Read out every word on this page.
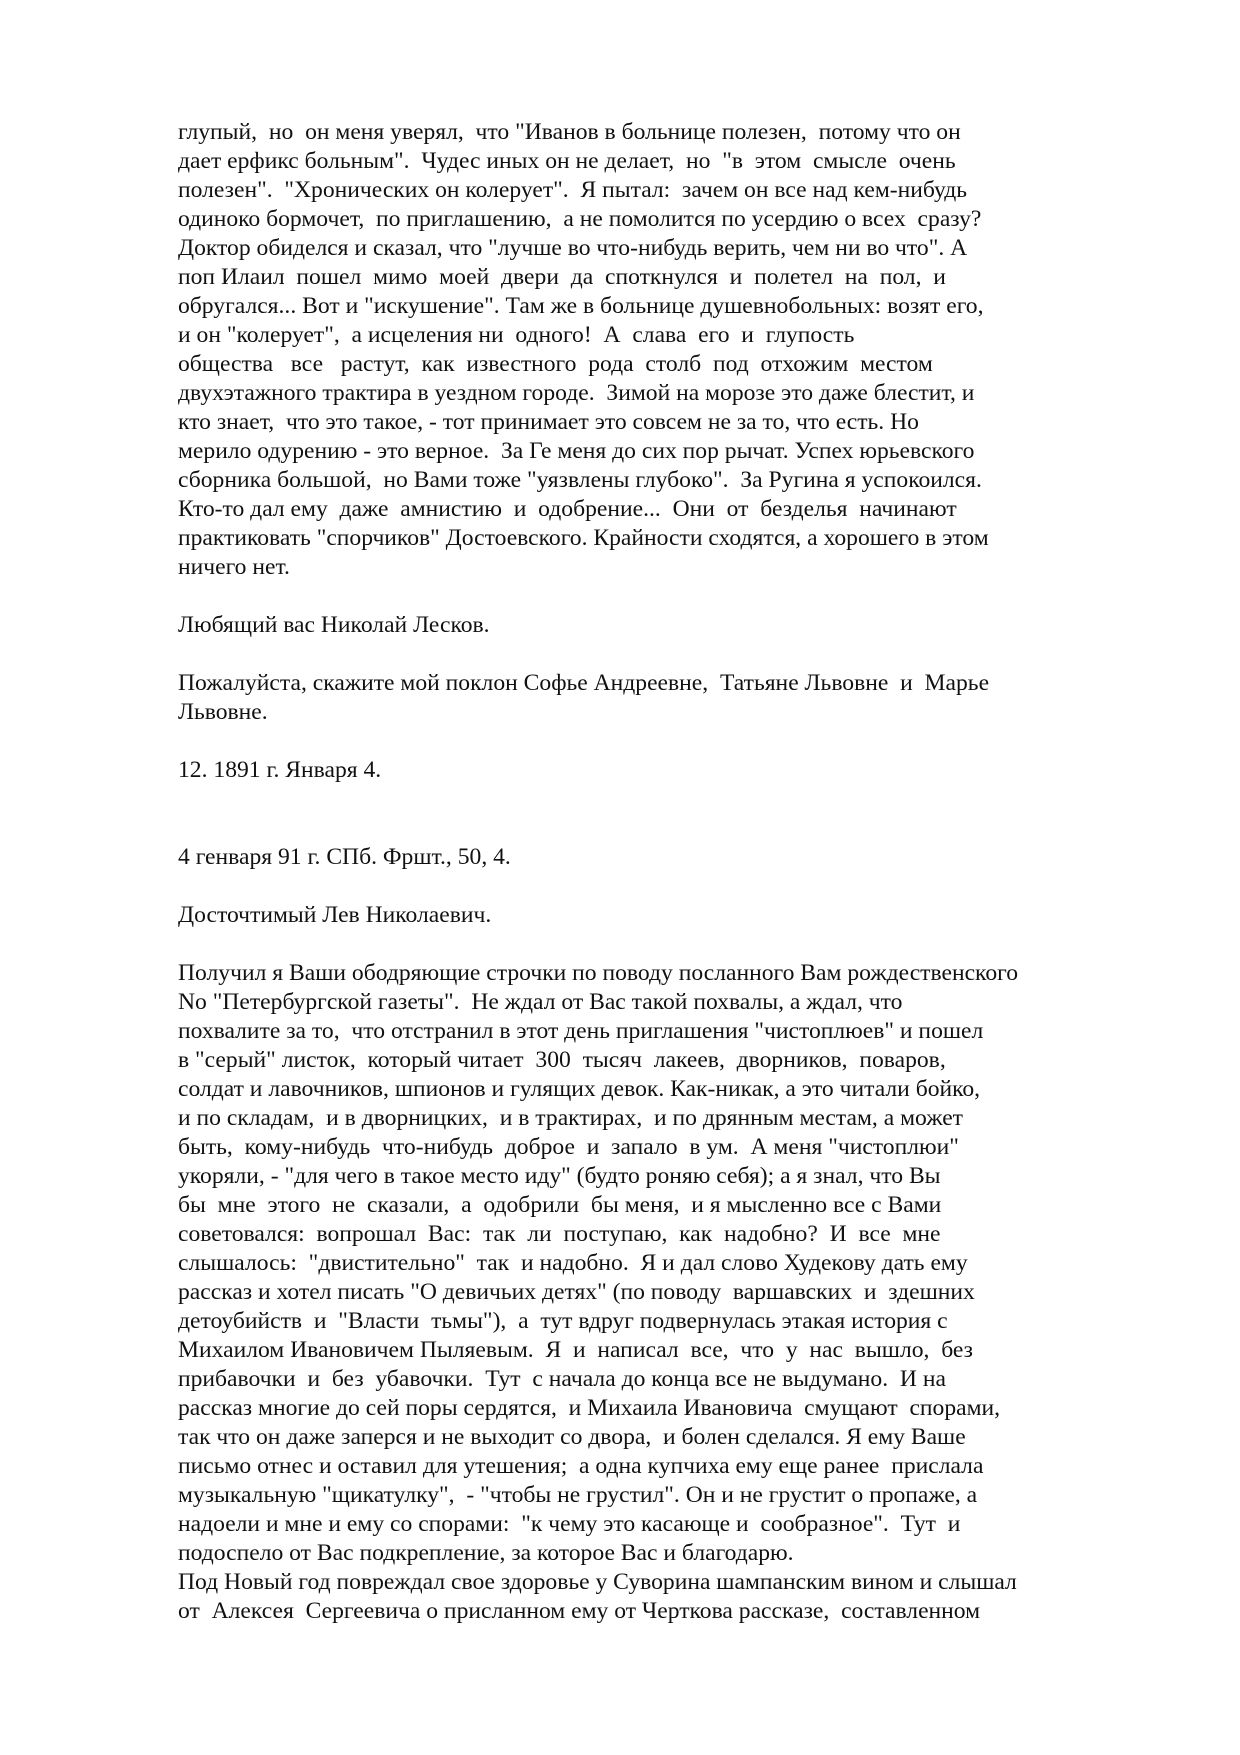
глупый,  но  он меня уверял,  что "Иванов в больнице полезен,  потому что он
дает ерфикс больным".  Чудес иных он не делает,  но  "в  этом  смысле  очень
полезен".  "Хронических он колерует".  Я пытал:  зачем он все над кем-нибудь
одиноко бормочет,  по приглашению,  а не помолится по усердию о всех  сразу?
Доктор обиделся и сказал, что "лучше во что-нибудь верить, чем ни во что". А
поп Илаил  пошел  мимо  моей  двери  да  споткнулся  и  полетел  на  пол,  и
обругался... Вот и "искушение". Там же в больнице душевнобольных: возят его,
и он "колерует",  а исцеления ни  одного!  А  слава  его  и  глупость
общества   все   растут,  как  известного  рода  столб  под  отхожим  местом
двухэтажного трактира в уездном городе.  Зимой на морозе это даже блестит, и
кто знает,  что это такое, - тот принимает это совсем не за то, что есть. Но
мерило одурению - это верное.  За Ге меня до сих пор рычат. Успех юрьевского
сборника большой,  но Вами тоже "уязвлены глубоко".  За Ругина я успокоился.
Кто-то дал ему  даже  амнистию  и  одобрение...  Они  от  безделья  начинают
практиковать "спорчиков" Достоевского. Крайности сходятся, а хорошего в этом
ничего нет.
Любящий вас Николай Лесков.
Пожалуйста, скажите мой поклон Софье Андреевне,  Татьяне Львовне  и  Марье
Львовне.
12. 1891 г. Января 4.
4 генваря 91 г. СПб. Фршт., 50, 4.
Досточтимый Лев Николаевич.
Получил я Ваши ободряющие строчки по поводу посланного Вам рождественского
No "Петербургской газеты".  Не ждал от Вас такой похвалы, а ждал, что
похвалите за то,  что отстранил в этот день приглашения "чистоплюев" и пошел
в "серый" листок,  который читает  300  тысяч  лакеев,  дворников,  поваров,
солдат и лавочников, шпионов и гулящих девок. Как-никак, а это читали бойко,
и по складам,  и в дворницких,  и в трактирах,  и по дрянным местам, а может
быть,  кому-нибудь  что-нибудь  доброе  и  запало  в ум.  А меня "чистоплюи"
укоряли, - "для чего в такое место иду" (будто роняю себя); а я знал, что Вы
бы  мне  этого  не  сказали,  а  одобрили  бы меня,  и я мысленно все с Вами
советовался:  вопрошал  Вас:  так  ли  поступаю,  как  надобно?  И  все  мне
слышалось:  "двистительно"  так  и надобно.  Я и дал слово Худекову дать ему
рассказ и хотел писать "О девичьих детях" (по поводу  варшавских  и  здешних
детоубийств  и  "Власти  тьмы"),  а  тут вдруг подвернулась этакая история с
Михаилом Ивановичем Пыляевым.  Я  и  написал  все,  что  у  нас  вышло,  без
прибавочки  и  без  убавочки.  Тут  с начала до конца все не выдумано.  И на
рассказ многие до сей поры сердятся,  и Михаила Ивановича  смущают  спорами,
так что он даже заперся и не выходит со двора,  и болен сделался. Я ему Ваше
письмо отнес и оставил для утешения;  а одна купчиха ему еще ранее  прислала
музыкальную "щикатулку",  - "чтобы не грустил". Он и не грустит о пропаже, а
надоели и мне и ему со спорами:  "к чему это касающе и  сообразное".  Тут  и
подоспело от Вас подкрепление, за которое Вас и благодарю.
Под Новый год повреждал свое здоровье у Суворина шампанским вином и слышал
от  Алексея  Сергеевича о присланном ему от Черткова рассказе,  составленном
